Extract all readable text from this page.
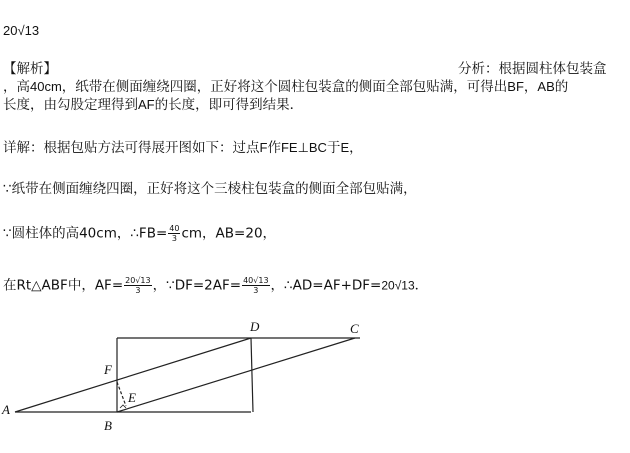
20√13
【解析】	分析：根据圆柱体包装盒
，高40cm，纸带在侧面缠绕四圈，正好将这个圆柱包装盒的侧面全部包贴满，可得出BF，AB的
长度，由勾股定理得到AF的长度，即可得到结果．
详解：根据包贴方法可得展开图如下：过点F作FE⊥BC于E，
∵纸带在侧面缠绕四圈，正好将这个三棱柱包装盒的侧面全部包贴满，
∵圆柱体的高40cm，∴FB= $\frac{40}{3}$ cm，AB=20，
在Rt△ABF中，$AF= \frac{20√13}{3}$ ，∵DF=2AF= $\frac{40√13}{3}$ ，∴AD=AF+DF=20√13．
A
B
C
D
E
F
